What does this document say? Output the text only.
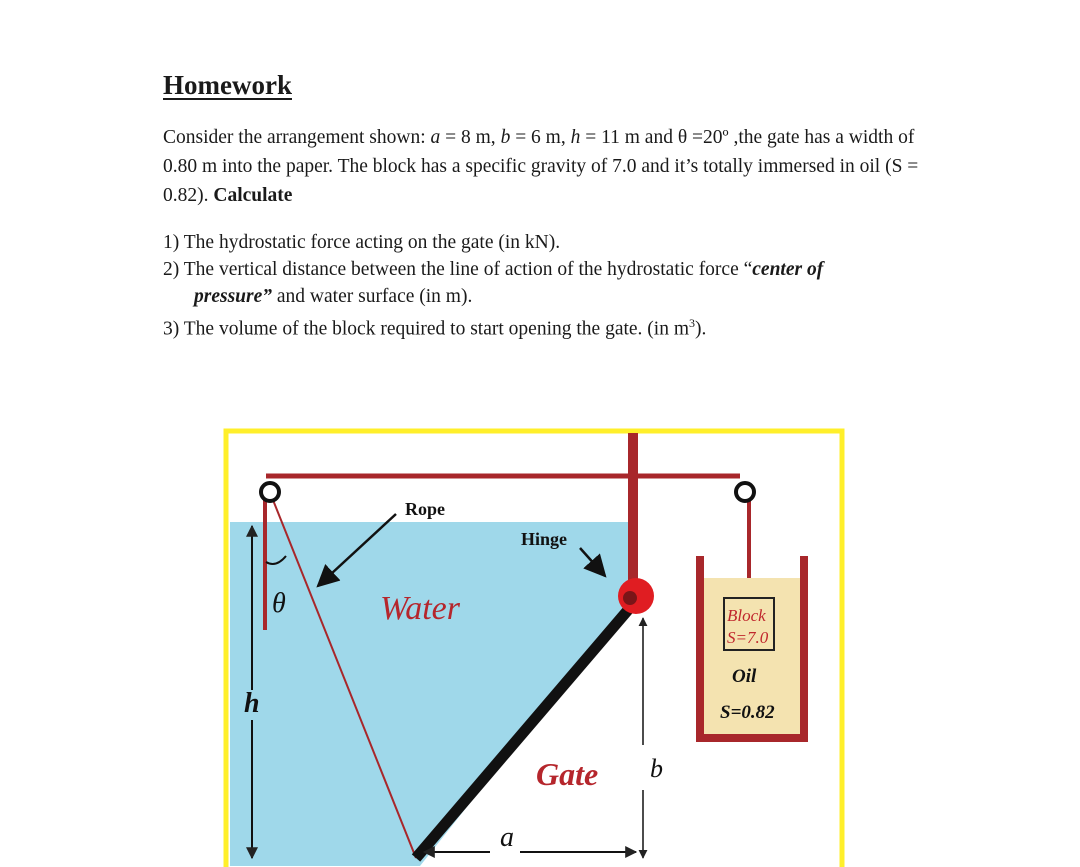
Homework

Consider the arrangement shown: a = 8 m, b = 6 m, h = 11 m and θ =20º ,the gate has a width of 0.80 m into the paper. The block has a specific gravity of 7.0 and it’s totally immersed in oil (S = 0.82). Calculate

1) The hydrostatic force acting on the gate (in kN).

2) The vertical distance between the line of action of the hydrostatic force “center of

pressure” and water surface (in m).

3) The volume of the block required to start opening the gate. (in $m^3$).

Block
S=7.0
Oil
S=0.82
Rope
Hinge
Water
θ
h
b
Gate
a
